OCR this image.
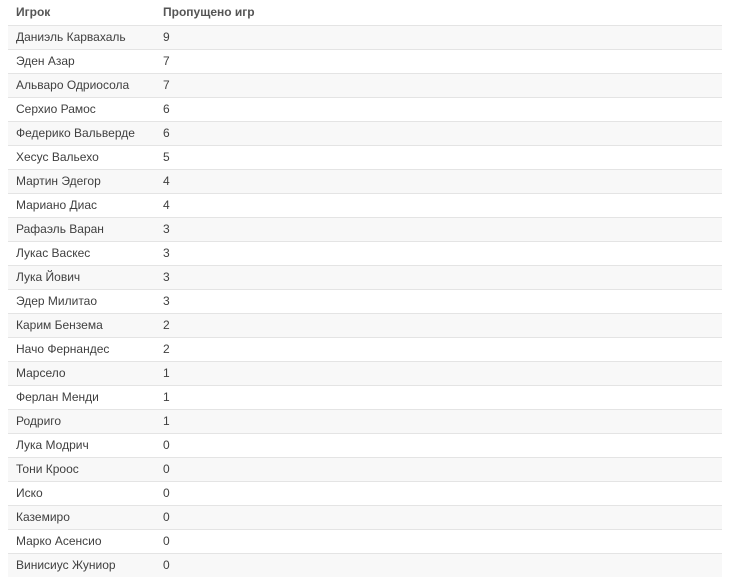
Игрок	Пропущено игр
Даниэль Карвахаль	9
Эден Азар	7
Альваро Одриосола	7
Серхио Рамос	6
Федерико Вальверде	6
Хесус Вальехо	5
Мартин Эдегор	4
Мариано Диас	4
Рафаэль Варан	3
Лукас Васкес	3
Лука Йович	3
Эдер Милитао	3
Карим Бензема	2
Начо Фернандес	2
Марсело	1
Ферлан Менди	1
Родриго	1
Лука Модрич	0
Тони Кроос	0
Иско	0
Каземиро	0
Марко Асенсио	0
Винисиус Жуниор	0
